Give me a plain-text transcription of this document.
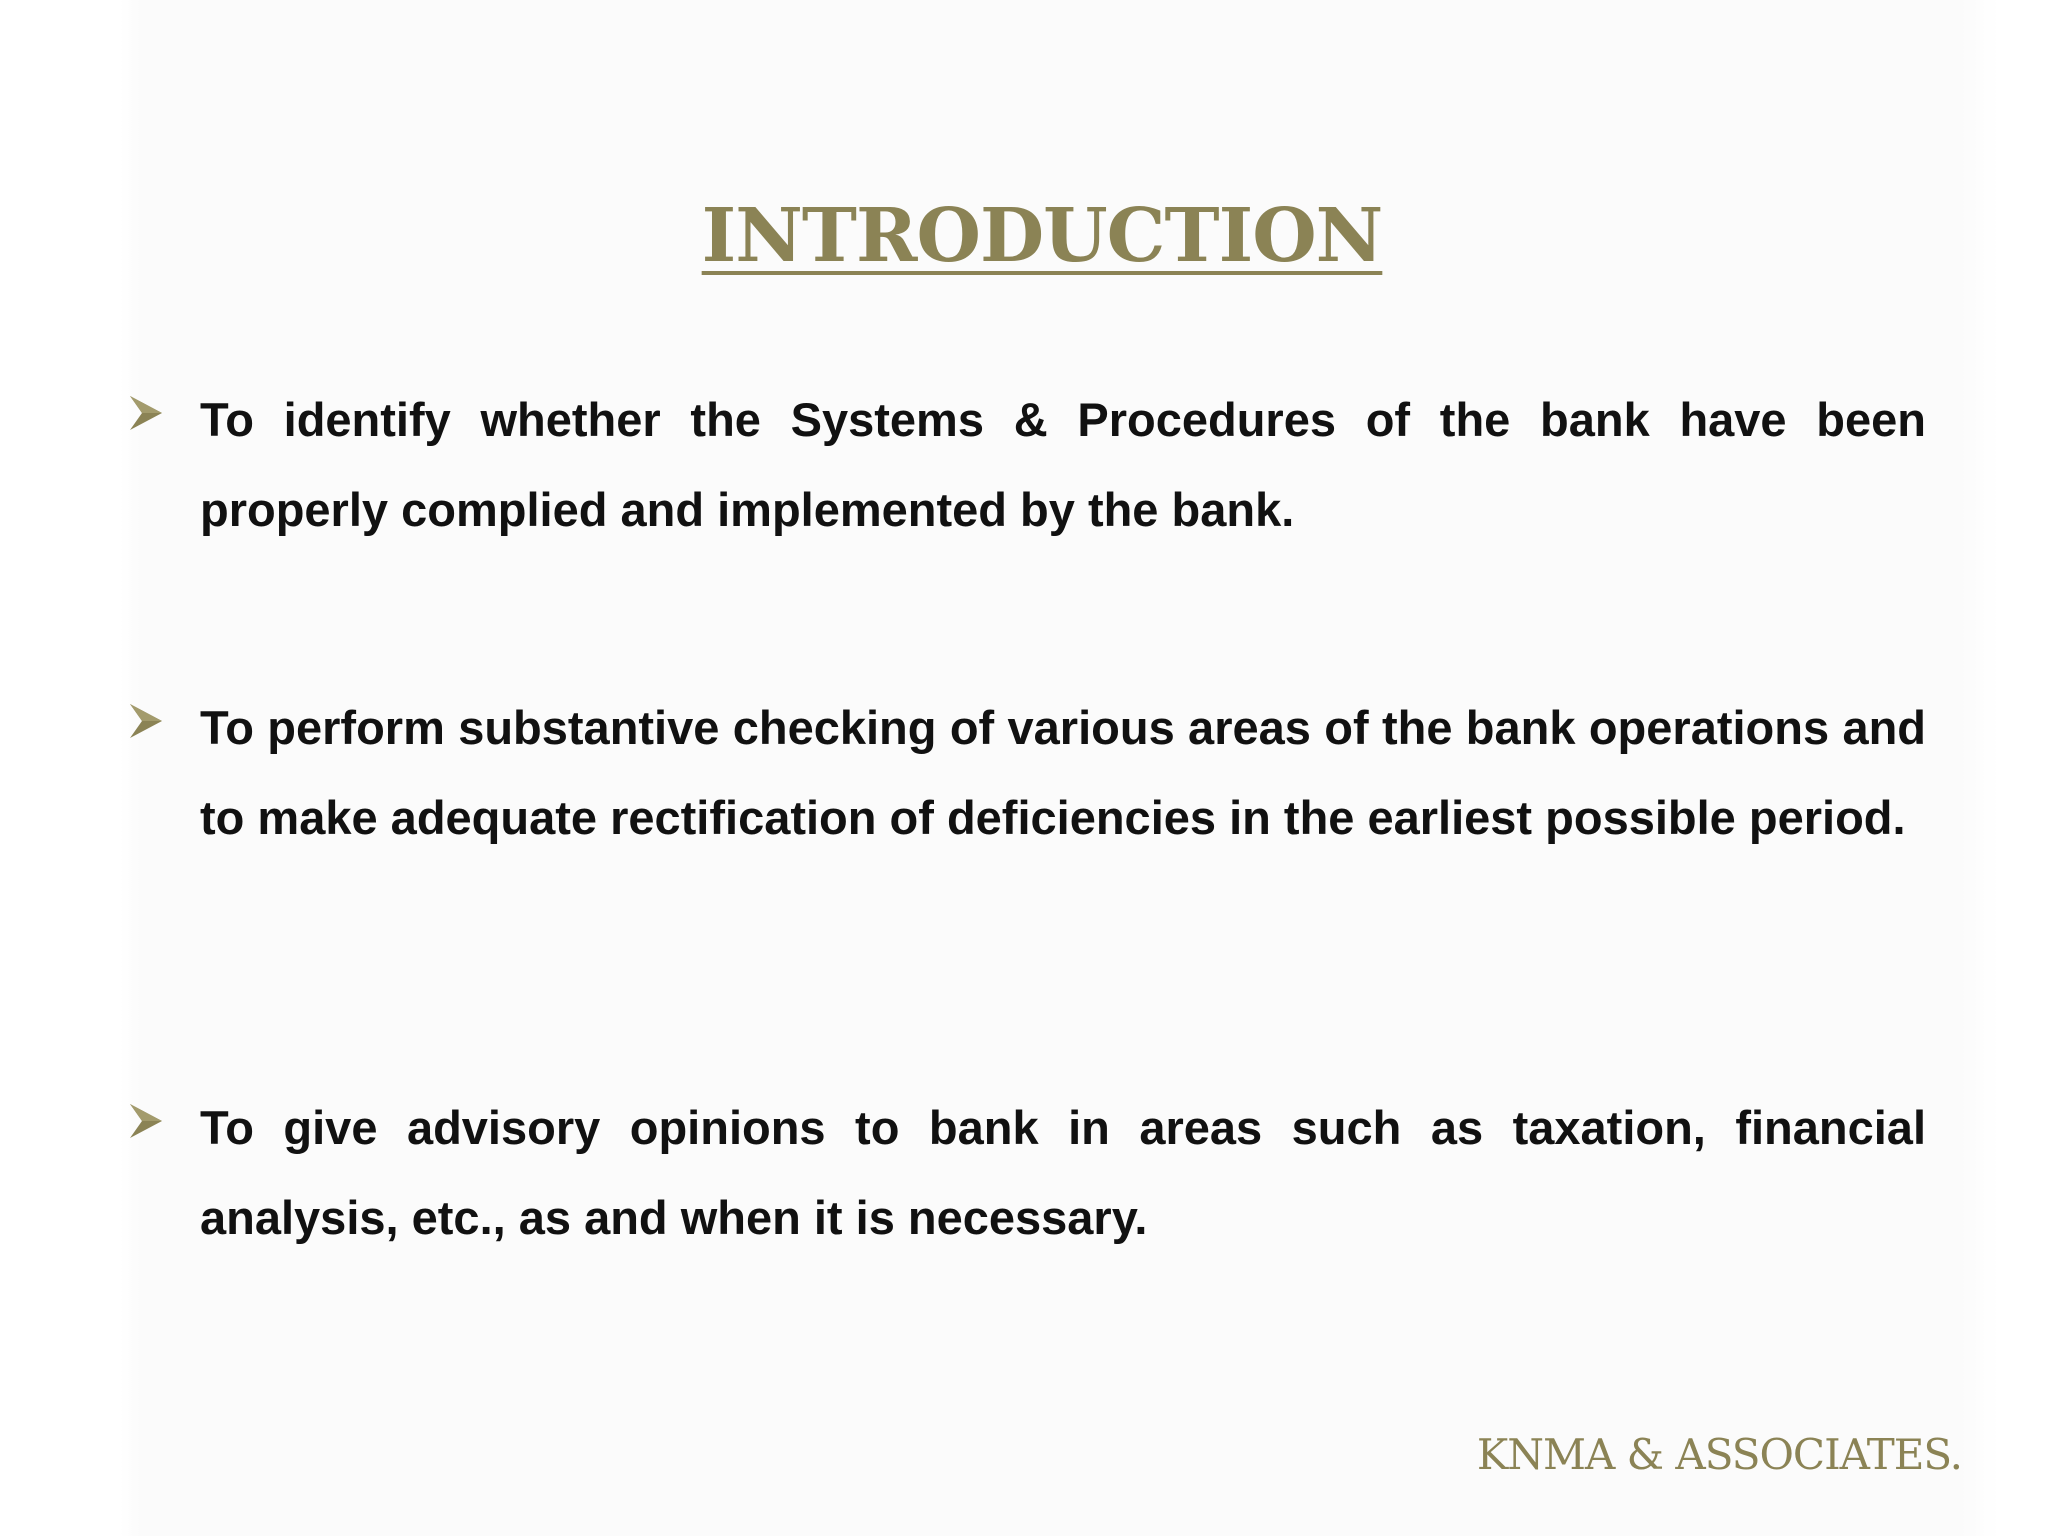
INTRODUCTION
To identify whether the Systems & Procedures of the bank have been properly complied and implemented by the bank.
To perform substantive checking of various areas of the bank operations and to make adequate rectification of deficiencies in the earliest possible period.
To give advisory opinions to bank in areas such as taxation, financial analysis, etc., as and when it is necessary.
KNMA & ASSOCIATES.
